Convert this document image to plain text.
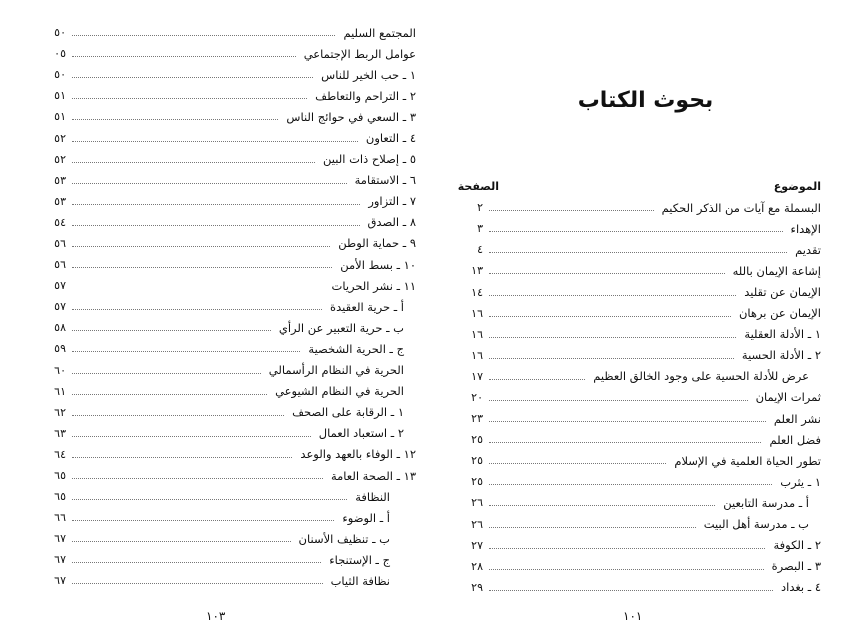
المجتمع السليم
٥٠
عوامل الربط الإجتماعي
٠٥
١ ـ حب الخير للناس
٥٠
٢ ـ التراحم والتعاطف
٥١
٣ ـ السعي في حوائج الناس
٥١
٤ ـ التعاون
٥٢
٥ ـ إصلاح ذات البين
٥٢
٦ ـ الاستقامة
٥٣
٧ ـ التزاور
٥٣
٨ ـ الصدق
٥٤
٩ ـ حماية الوطن
٥٦
١٠ ـ بسط الأمن
٥٦
١١ ـ نشر الحريات
٥٧
أ ـ حرية العقيدة
٥٧
ب ـ حرية التعبير عن الرأي
٥٨
ج ـ الحرية الشخصية
٥٩
الحرية في النظام الرأسمالي
٦٠
الحرية في النظام الشيوعي
٦١
١ ـ الرقابة على الصحف
٦٢
٢ ـ استعباد العمال
٦٣
١٢ ـ الوفاء بالعهد والوعد
٦٤
١٣ ـ الصحة العامة
٦٥
النظافة
٦٥
أ ـ الوضوء
٦٦
ب ـ تنظيف الأسنان
٦٧
ج ـ الإستنجاء
٦٧
نظافة الثياب
٦٧
١٠٣
بحوث الكتاب
الموضوع
الصفحة
البسملة مع آيات من الذكر الحكيم
٢
الإهداء
٣
تقديم
٤
إشاعة الإيمان بالله
١٣
الإيمان عن تقليد
١٤
الإيمان عن برهان
١٦
١ ـ الأدلة العقلية
١٦
٢ ـ الأدلة الحسية
١٦
عرض للأدلة الحسية على وجود الخالق العظيم
١٧
ثمرات الإيمان
٢٠
نشر العلم
٢٣
فضل العلم
٢٥
تطور الحياة العلمية في الإسلام
٢٥
١ ـ يثرب
٢٥
أ ـ مدرسة التابعين
٢٦
ب ـ مدرسة أهل البيت
٢٦
٢ ـ الكوفة
٢٧
٣ ـ البصرة
٢٨
٤ ـ بغداد
٢٩
١٠١
